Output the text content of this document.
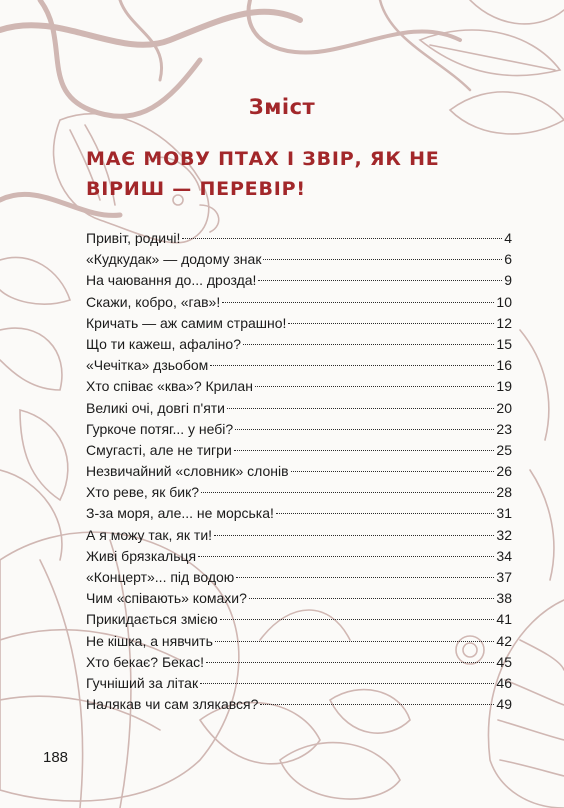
Зміст
МАЄ МОВУ ПТАХ І ЗВІР, ЯК НЕ ВІРИШ — ПЕРЕВІР!
Привіт, родичі!	4
«Кудкудак» — додому знак	6
На чаювання до... дрозда!	9
Скажи, кобро, «гав»!	10
Кричать — аж самим страшно!	12
Що ти кажеш, афаліно?	15
«Чечітка» дзьобом	16
Хто співає «ква»? Крилан	19
Великі очі, довгі п'яти	20
Гуркоче потяг... у небі?	23
Смугасті, але не тигри	25
Незвичайний «словник» слонів	26
Хто реве, як бик?	28
З-за моря, але... не морська!	31
А я можу так, як ти!	32
Живі брязкальця	34
«Концерт»... під водою	37
Чим «співають» комахи?	38
Прикидається змією	41
Не кішка, а нявчить	42
Хто бекає? Бекас!	45
Гучніший за літак	46
Налякав чи сам злякався?	49

188
